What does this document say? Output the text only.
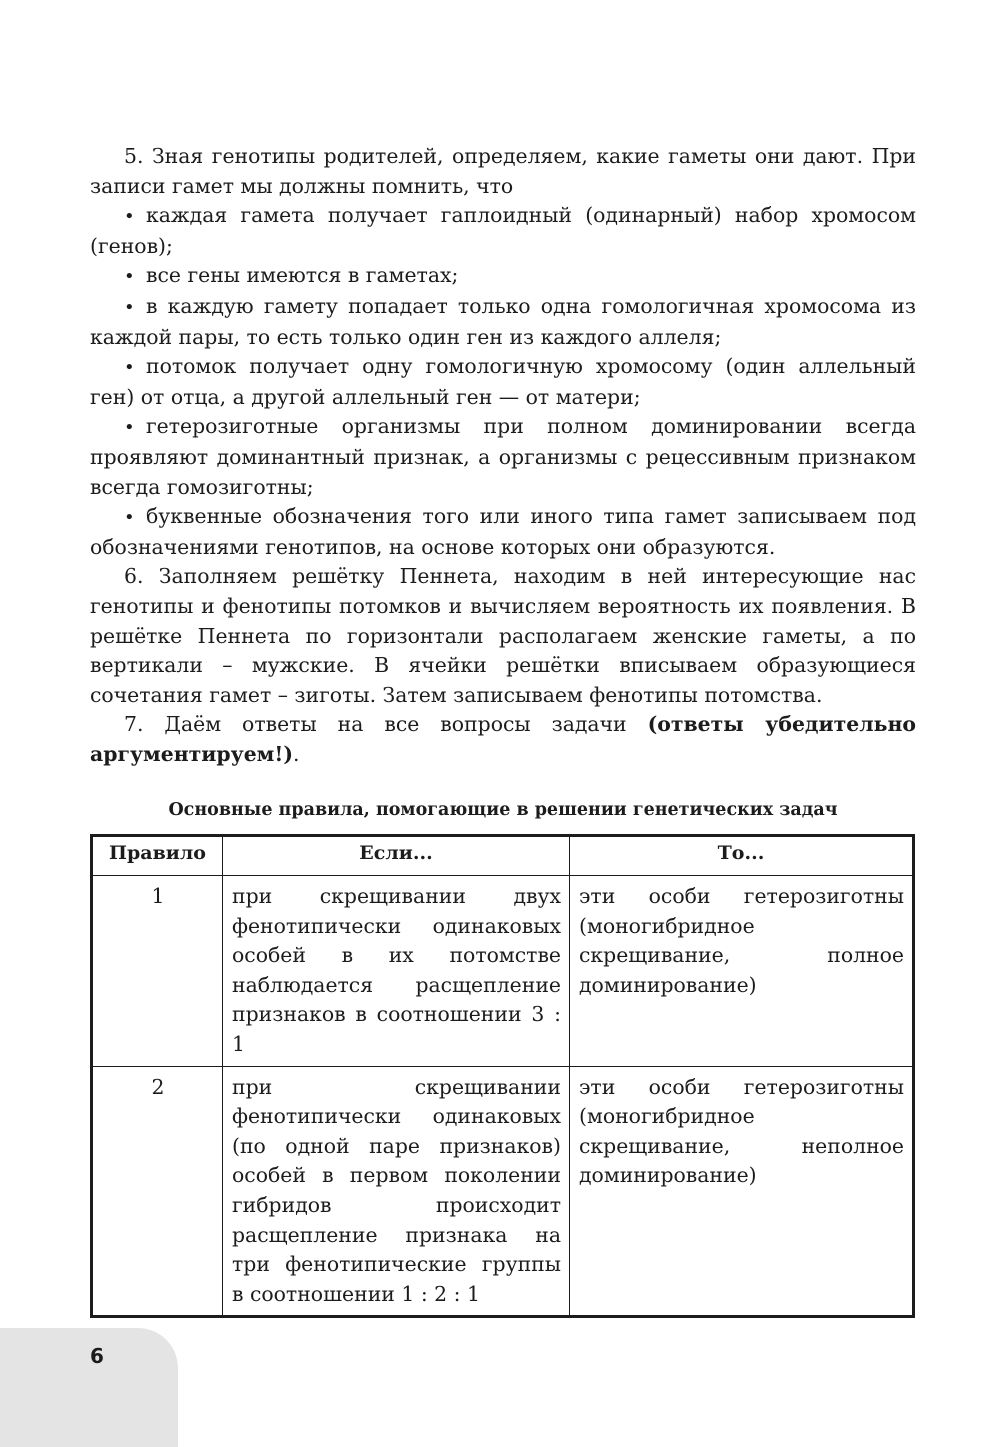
5. Зная генотипы родителей, определяем, какие гаметы они дают. При записи гамет мы должны помнить, что

• каждая гамета получает гаплоидный (одинарный) набор хромосом (генов);

• все гены имеются в гаметах;

• в каждую гамету попадает только одна гомологичная хромосома из каждой пары, то есть только один ген из каждого аллеля;

• потомок получает одну гомологичную хромосому (один аллельный ген) от отца, а другой аллельный ген — от матери;

• гетерозиготные организмы при полном доминировании всегда проявляют доминантный признак, а организмы с рецессивным признаком всегда гомозиготны;

• буквенные обозначения того или иного типа гамет записываем под обозначениями генотипов, на основе которых они образуются.

6. Заполняем решётку Пеннета, находим в ней интересующие нас генотипы и фенотипы потомков и вычисляем вероятность их появления. В решётке Пеннета по горизонтали располагаем женские гаметы, а по вертикали – мужские. В ячейки решётки вписываем образующиеся сочетания гамет – зиготы. Затем записываем фенотипы потомства.

7. Даём ответы на все вопросы задачи (ответы убедительно аргументируем!).

Основные правила, помогающие в решении генетических задач
Правило	Если...	То...
1	при скрещивании двух фенотипически одинаковых особей в их потомстве наблюдается расщепление признаков в соотношении 3 : 1	эти особи гетерозиготны (моногибридное скрещивание, полное доминирование)
2	при скрещивании фенотипически одинаковых (по одной паре признаков) особей в первом поколении гибридов происходит расщепление признака на три фенотипические группы в соотношении 1 : 2 : 1	эти особи гетерозиготны (моногибридное скрещивание, неполное доминирование)
6
